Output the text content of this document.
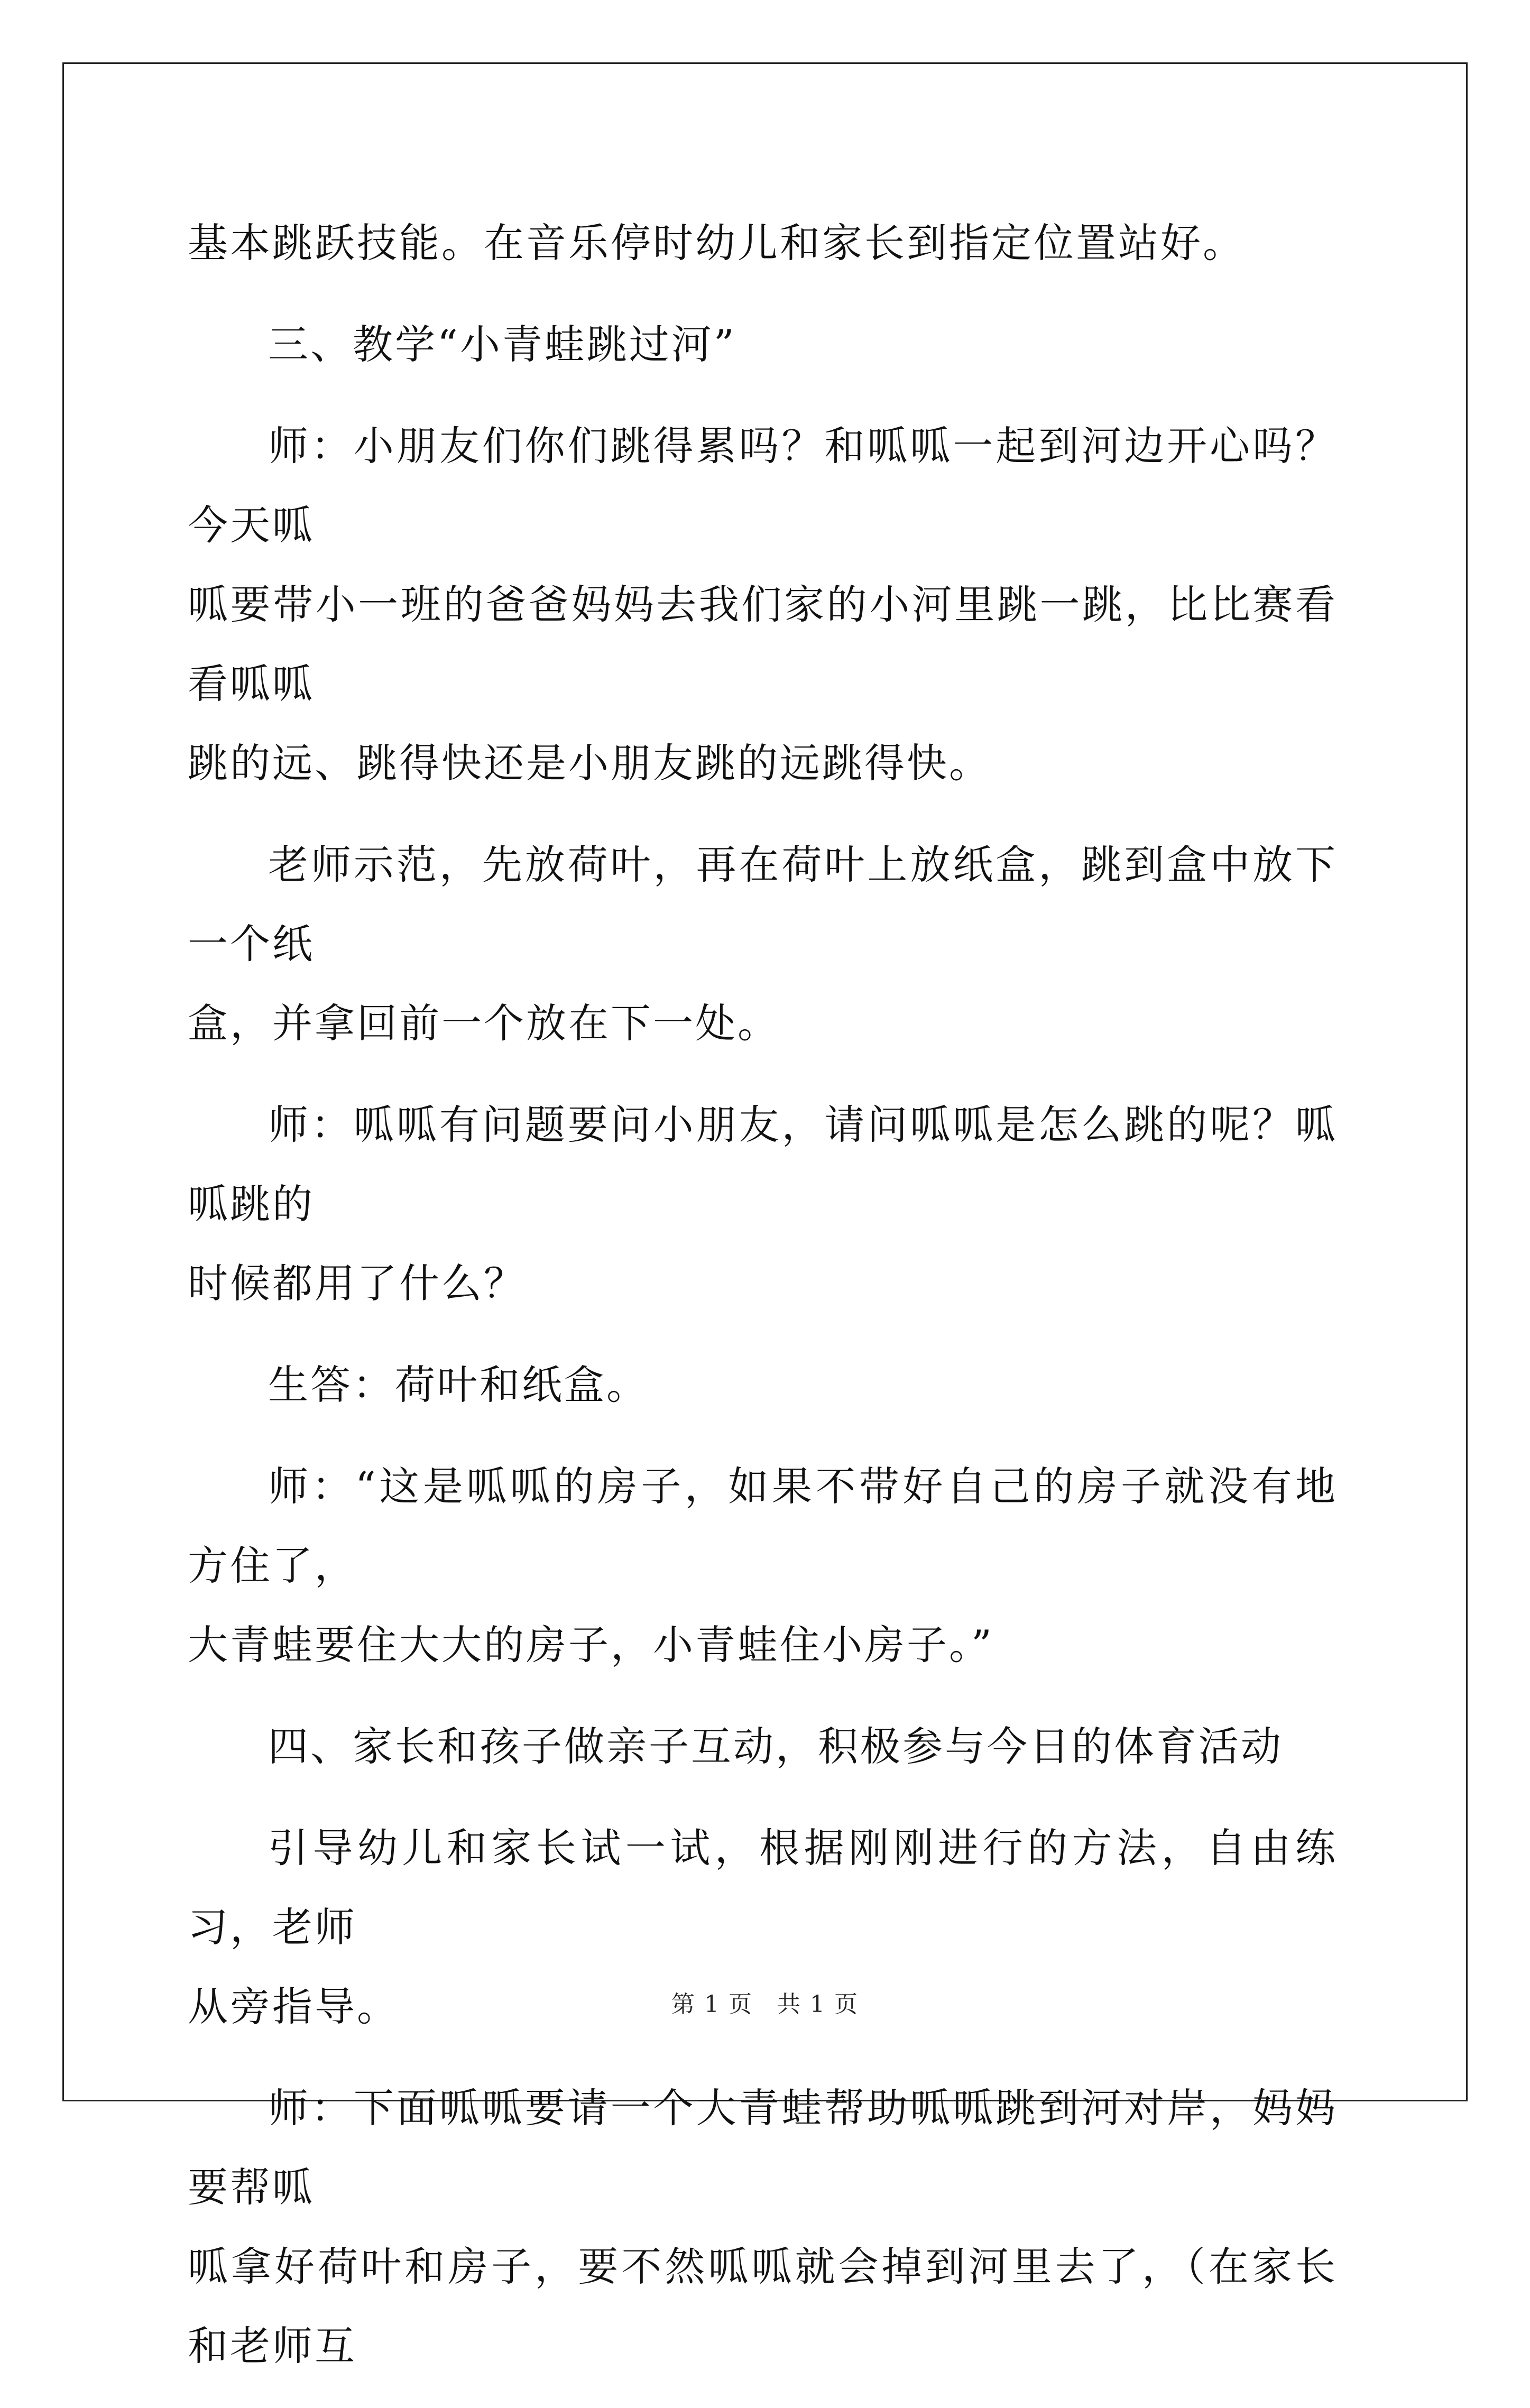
基本跳跃技能。在音乐停时幼儿和家长到指定位置站好。

三、教学“小青蛙跳过河”

师：小朋友们你们跳得累吗？和呱呱一起到河边开心吗？今天呱
呱要带小一班的爸爸妈妈去我们家的小河里跳一跳，比比赛看看呱呱
跳的远、跳得快还是小朋友跳的远跳得快。

老师示范，先放荷叶，再在荷叶上放纸盒，跳到盒中放下一个纸
盒，并拿回前一个放在下一处。

师：呱呱有问题要问小朋友，请问呱呱是怎么跳的呢？呱呱跳的
时候都用了什么？

生答：荷叶和纸盒。

师：“这是呱呱的房子，如果不带好自己的房子就没有地方住了，
大青蛙要住大大的房子，小青蛙住小房子。”

四、家长和孩子做亲子互动，积极参与今日的体育活动

引导幼儿和家长试一试，根据刚刚进行的方法，自由练习，老师
从旁指导。

师：下面呱呱要请一个大青蛙帮助呱呱跳到河对岸，妈妈要帮呱
呱拿好荷叶和房子，要不然呱呱就会掉到河里去了，（在家长和老师互

第 1 页　共 1 页
